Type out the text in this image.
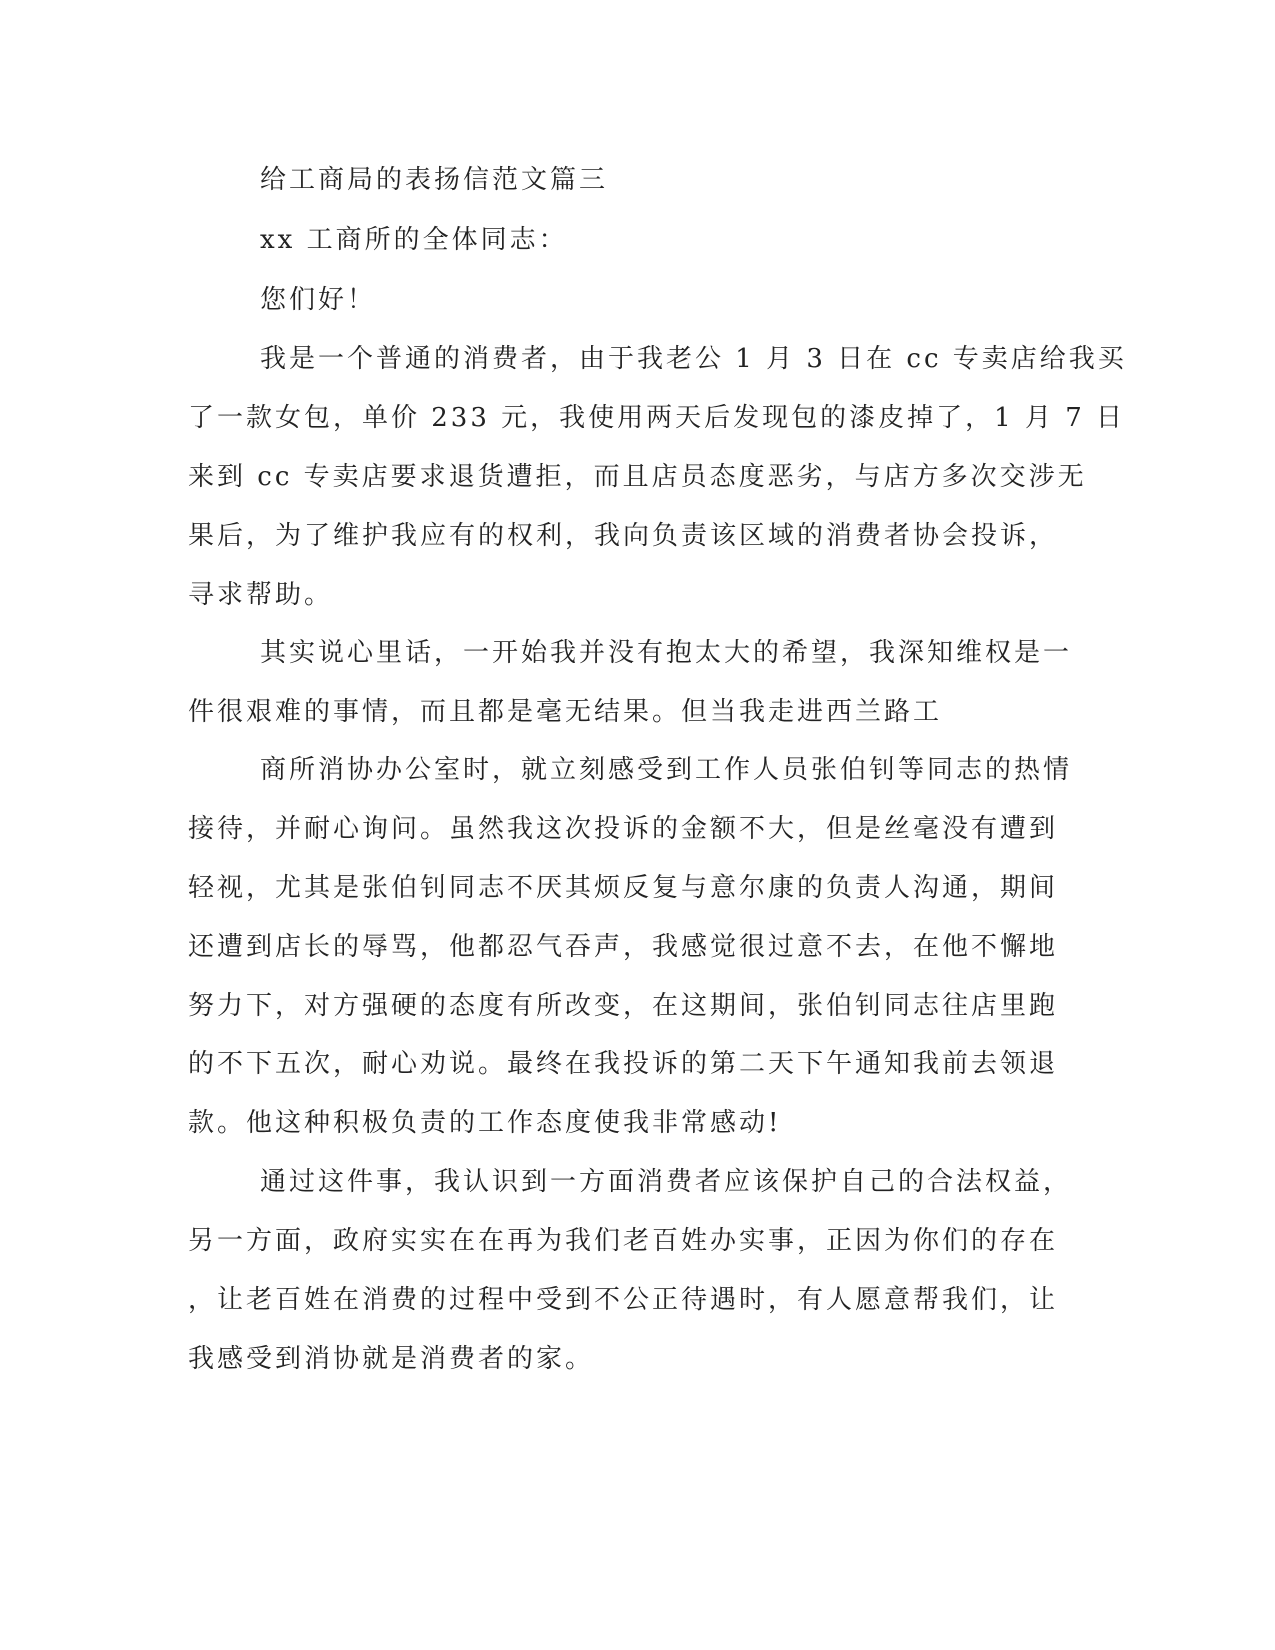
给工商局的表扬信范文篇三

xx 工商所的全体同志：

您们好！

我是一个普通的消费者，由于我老公 1 月 3 日在 cc 专卖店给我买

了一款女包，单价 233 元，我使用两天后发现包的漆皮掉了，1 月 7 日

来到 cc 专卖店要求退货遭拒，而且店员态度恶劣，与店方多次交涉无

果后，为了维护我应有的权利，我向负责该区域的消费者协会投诉，

寻求帮助。

其实说心里话，一开始我并没有抱太大的希望，我深知维权是一

件很艰难的事情，而且都是毫无结果。但当我走进西兰路工

商所消协办公室时，就立刻感受到工作人员张伯钊等同志的热情

接待，并耐心询问。虽然我这次投诉的金额不大，但是丝毫没有遭到

轻视，尤其是张伯钊同志不厌其烦反复与意尔康的负责人沟通，期间

还遭到店长的辱骂，他都忍气吞声，我感觉很过意不去，在他不懈地

努力下，对方强硬的态度有所改变，在这期间，张伯钊同志往店里跑

的不下五次，耐心劝说。最终在我投诉的第二天下午通知我前去领退

款。他这种积极负责的工作态度使我非常感动!

通过这件事，我认识到一方面消费者应该保护自己的合法权益，

另一方面，政府实实在在再为我们老百姓办实事，正因为你们的存在

，让老百姓在消费的过程中受到不公正待遇时，有人愿意帮我们，让

我感受到消协就是消费者的家。
